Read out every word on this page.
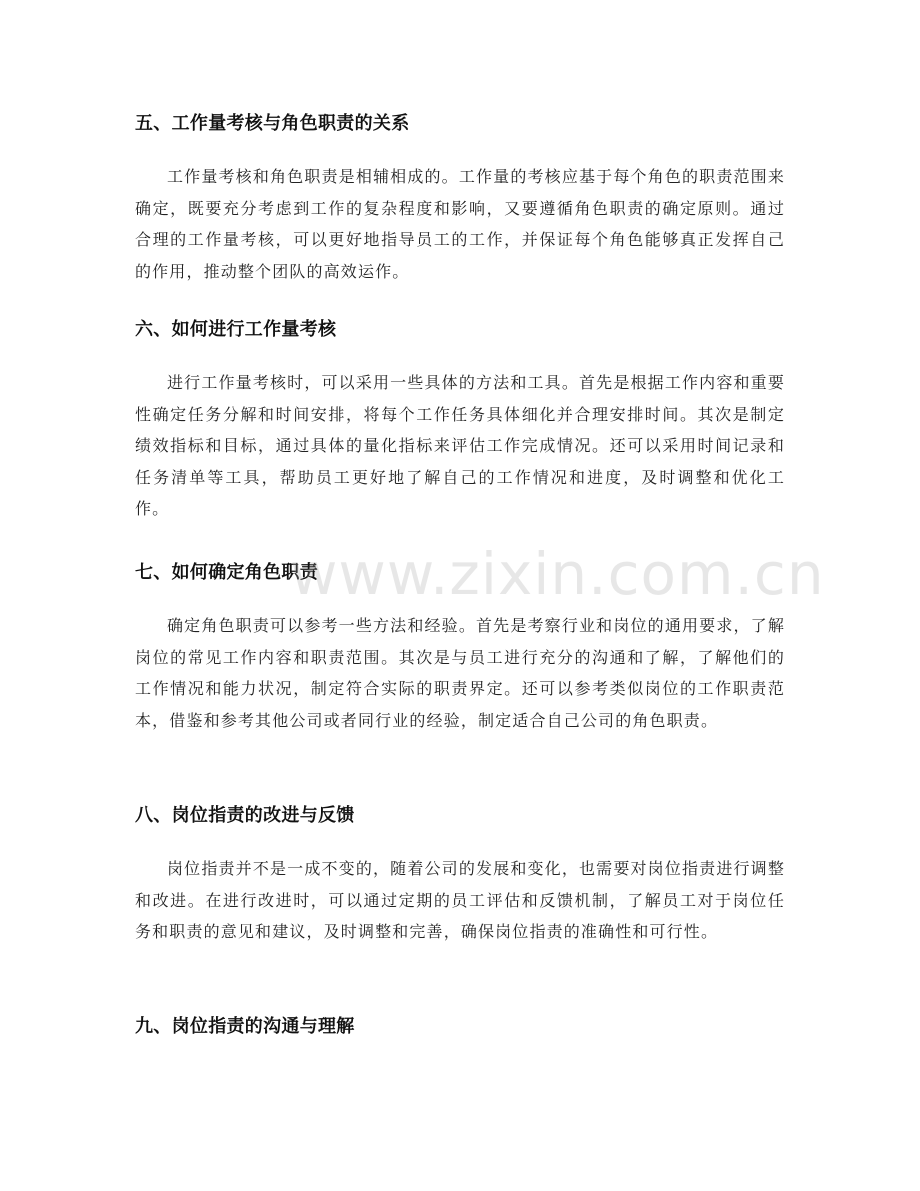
五、工作量考核与角色职责的关系

工作量考核和角色职责是相辅相成的。工作量的考核应基于每个角色的职责范围来确定，既要充分考虑到工作的复杂程度和影响，又要遵循角色职责的确定原则。通过合理的工作量考核，可以更好地指导员工的工作，并保证每个角色能够真正发挥自己的作用，推动整个团队的高效运作。

六、如何进行工作量考核

进行工作量考核时，可以采用一些具体的方法和工具。首先是根据工作内容和重要性确定任务分解和时间安排，将每个工作任务具体细化并合理安排时间。其次是制定绩效指标和目标，通过具体的量化指标来评估工作完成情况。还可以采用时间记录和任务清单等工具，帮助员工更好地了解自己的工作情况和进度，及时调整和优化工作。

七、如何确定角色职责

确定角色职责可以参考一些方法和经验。首先是考察行业和岗位的通用要求，了解岗位的常见工作内容和职责范围。其次是与员工进行充分的沟通和了解，了解他们的工作情况和能力状况，制定符合实际的职责界定。还可以参考类似岗位的工作职责范本，借鉴和参考其他公司或者同行业的经验，制定适合自己公司的角色职责。

八、岗位指责的改进与反馈

岗位指责并不是一成不变的，随着公司的发展和变化，也需要对岗位指责进行调整和改进。在进行改进时，可以通过定期的员工评估和反馈机制，了解员工对于岗位任务和职责的意见和建议，及时调整和完善，确保岗位指责的准确性和可行性。

九、岗位指责的沟通与理解
www.zixin.com.cn
